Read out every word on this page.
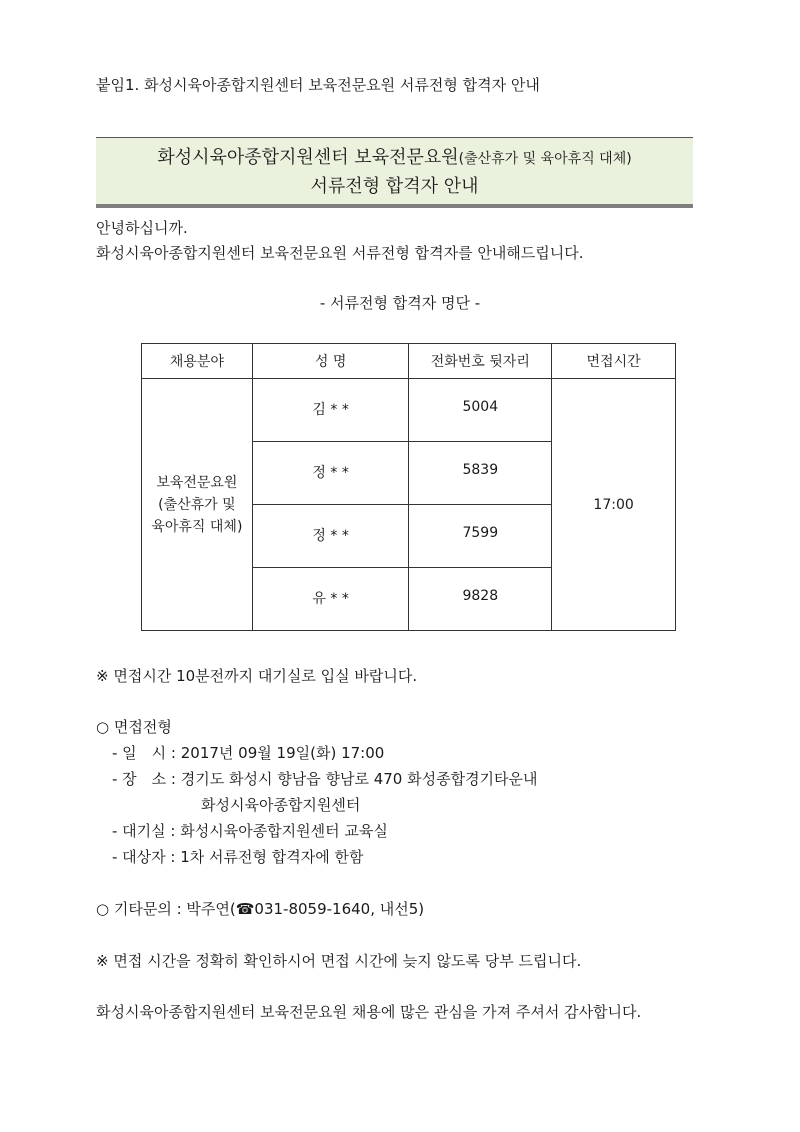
붙임1. 화성시육아종합지원센터 보육전문요원 서류전형 합격자 안내
화성시육아종합지원센터 보육전문요원(출산휴가 및 육아휴직 대체)
서류전형 합격자 안내
안녕하십니까.
화성시육아종합지원센터 보육전문요원 서류전형 합격자를 안내해드립니다.
- 서류전형 합격자 명단 -
채용분야	성 명	전화번호 뒷자리	면접시간

보육전문요원
(출산휴가 및
육아휴직 대체)	김 * *	5004	17:00
	정 * *	5839	
	정 * *	7599	
	유 * *	9828	
※ 면접시간 10분전까지 대기실로 입실 바랍니다.
○ 면접전형
- 일　시 : 2017년 09월 19일(화) 17:00
- 장　소 : 경기도 화성시 향남읍 향남로 470 화성종합경기타운내
화성시육아종합지원센터
- 대기실 : 화성시육아종합지원센터 교육실
- 대상자 : 1차 서류전형 합격자에 한함
○ 기타문의 : 박주연(☎031-8059-1640, 내선5)
※ 면접 시간을 정확히 확인하시어 면접 시간에 늦지 않도록 당부 드립니다.
화성시육아종합지원센터 보육전문요원 채용에 많은 관심을 가져 주셔서 감사합니다.
